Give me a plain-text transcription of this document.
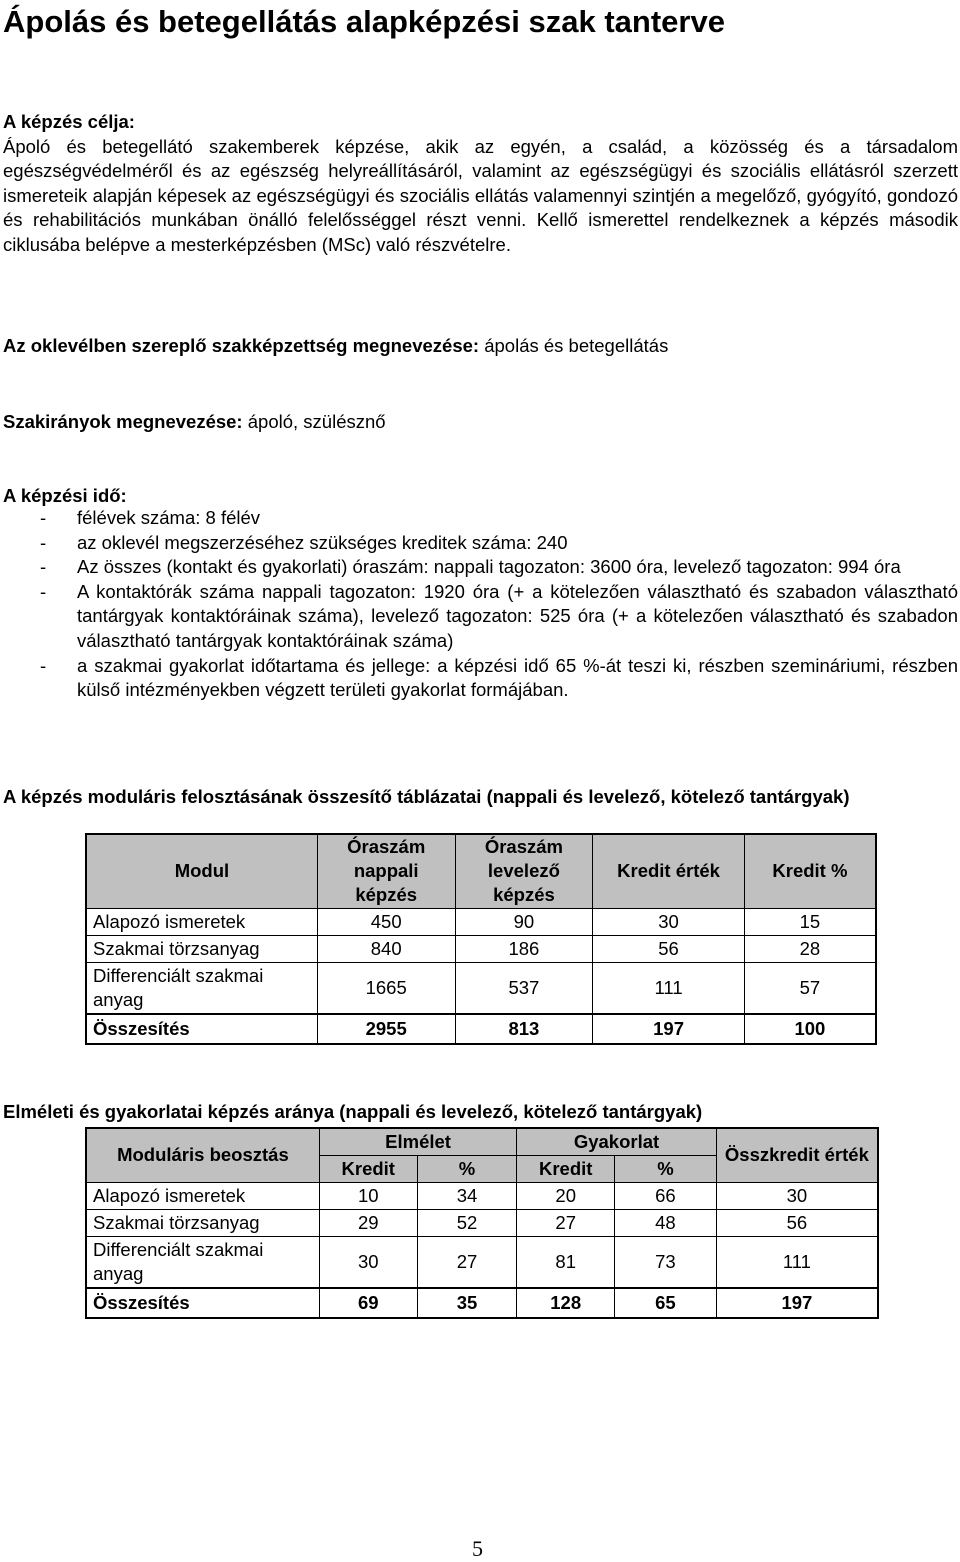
Ápolás és betegellátás alapképzési szak tanterve
A képzés célja:
Ápoló és betegellátó szakemberek képzése, akik az egyén, a család, a közösség és a társadalom egészségvédelméről és az egészség helyreállításáról, valamint az egészségügyi és szociális ellátásról szerzett ismereteik alapján képesek az egészségügyi és szociális ellátás valamennyi szintjén a megelőző, gyógyító, gondozó és rehabilitációs munkában önálló felelősséggel részt venni. Kellő ismerettel rendelkeznek a képzés második ciklusába belépve a mesterképzésben (MSc) való részvételre.
Az oklevélben szereplő szakképzettség megnevezése: ápolás és betegellátás
Szakirányok megnevezése: ápoló, szülésznő
A képzési idő:
- félévek száma: 8 félév
- az oklevél megszerzéséhez szükséges kreditek száma: 240
- Az összes (kontakt és gyakorlati) óraszám: nappali tagozaton: 3600 óra, levelező tagozaton: 994 óra
- A kontaktórák száma nappali tagozaton: 1920 óra (+ a kötelezően választható és szabadon választható tantárgyak kontaktóráinak száma), levelező tagozaton: 525 óra (+ a kötelezően választható és szabadon választható tantárgyak kontaktóráinak száma)
- a szakmai gyakorlat időtartama és jellege: a képzési idő 65 %-át teszi ki, részben szemináriumi, részben külső intézményekben végzett területi gyakorlat formájában.
A képzés moduláris felosztásának összesítő táblázatai (nappali és levelező, kötelező tantárgyak)
Modul	Óraszám nappali képzés	Óraszám levelező képzés	Kredit érték	Kredit %
Alapozó ismeretek	450	90	30	15
Szakmai törzsanyag	840	186	56	28
Differenciált szakmai anyag	1665	537	111	57
Összesítés	2955	813	197	100
Elméleti és gyakorlatai képzés aránya (nappali és levelező, kötelező tantárgyak)
Moduláris beosztás	Elmélet		Gyakorlat		Összkredit érték
	Kredit	%	Kredit	%	
Alapozó ismeretek	10	34	20	66	30
Szakmai törzsanyag	29	52	27	48	56
Differenciált szakmai anyag	30	27	81	73	111
Összesítés	69	35	128	65	197
5
